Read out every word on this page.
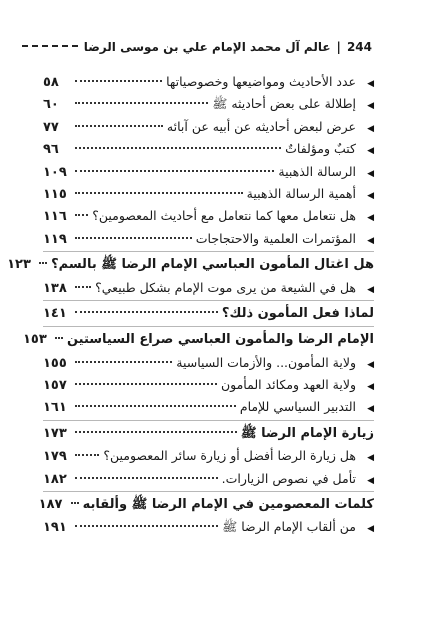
244
|
عالم آل محمد الإمام علي بن موسى الرضا
◀
عدد الأحاديث ومواضيعها وخصوصياتها
٥٨
◀
إطلالة على بعض أحاديثه ﷺ
٦٠
◀
عرض لبعض أحاديثه عن أبيه عن آبائه
٧٧
◀
كتبٌ ومؤلفاتٌ
٩٦
◀
الرسالة الذهبية
١٠٩
◀
أهمية الرسالة الذهبية
١١٥
◀
هل نتعامل معها كما نتعامل مع أحاديث المعصومين؟
١١٦
◀
المؤتمرات العلمية والاحتجاجات
١١٩
هل اغتال المأمون العباسي الإمام الرضا ﷺ بالسم؟
١٢٣
◀
هل في الشيعة من يرى موت الإمام بشكل طبيعي؟
١٣٨
لماذا فعل المأمون ذلك؟
١٤١
الإمام الرضا والمأمون العباسي صراع السياستين
١٥٣
◀
ولاية المأمون... والأزمات السياسية
١٥٥
◀
ولاية العهد ومكائد المأمون
١٥٧
◀
التدبير السياسي للإمام
١٦١
زيارة الإمام الرضا ﷺ
١٧٣
◀
هل زيارة الرضا أفضل أو زيارة سائر المعصومين؟
١٧٩
◀
تأمل في نصوص الزيارات.
١٨٢
كلمات المعصومين في الإمام الرضا ﷺ وألقابه
١٨٧
◀
من ألقاب الإمام الرضا ﷺ
١٩١
